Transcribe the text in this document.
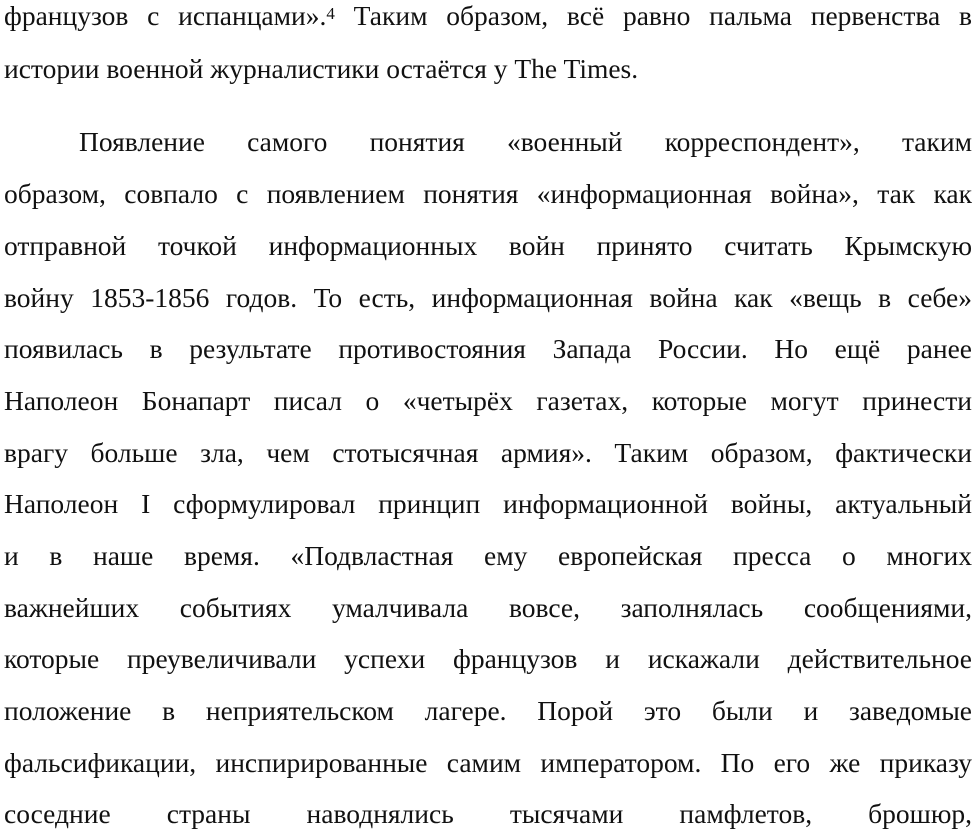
французов с испанцами».$^4$ Таким образом, всё равно пальма первенства в
истории военной журналистики остаётся у The Times.
Появление самого понятия «военный корреспондент», таким
образом, совпало с появлением понятия «информационная война», так как
отправной точкой информационных войн принято считать Крымскую
войну 1853-1856 годов. То есть, информационная война как «вещь в себе»
появилась в результате противостояния Запада России. Но ещё ранее
Наполеон Бонапарт писал о «четырёх газетах, которые могут принести
врагу больше зла, чем стотысячная армия». Таким образом, фактически
Наполеон I сформулировал принцип информационной войны, актуальный
и в наше время. «Подвластная ему европейская пресса о многих
важнейших событиях умалчивала вовсе, заполнялась сообщениями,
которые преувеличивали успехи французов и искажали действительное
положение в неприятельском лагере. Порой это были и заведомые
фальсификации, инспирированные самим императором. По его же приказу
соседние страны наводнялись тысячами памфлетов, брошюр,
